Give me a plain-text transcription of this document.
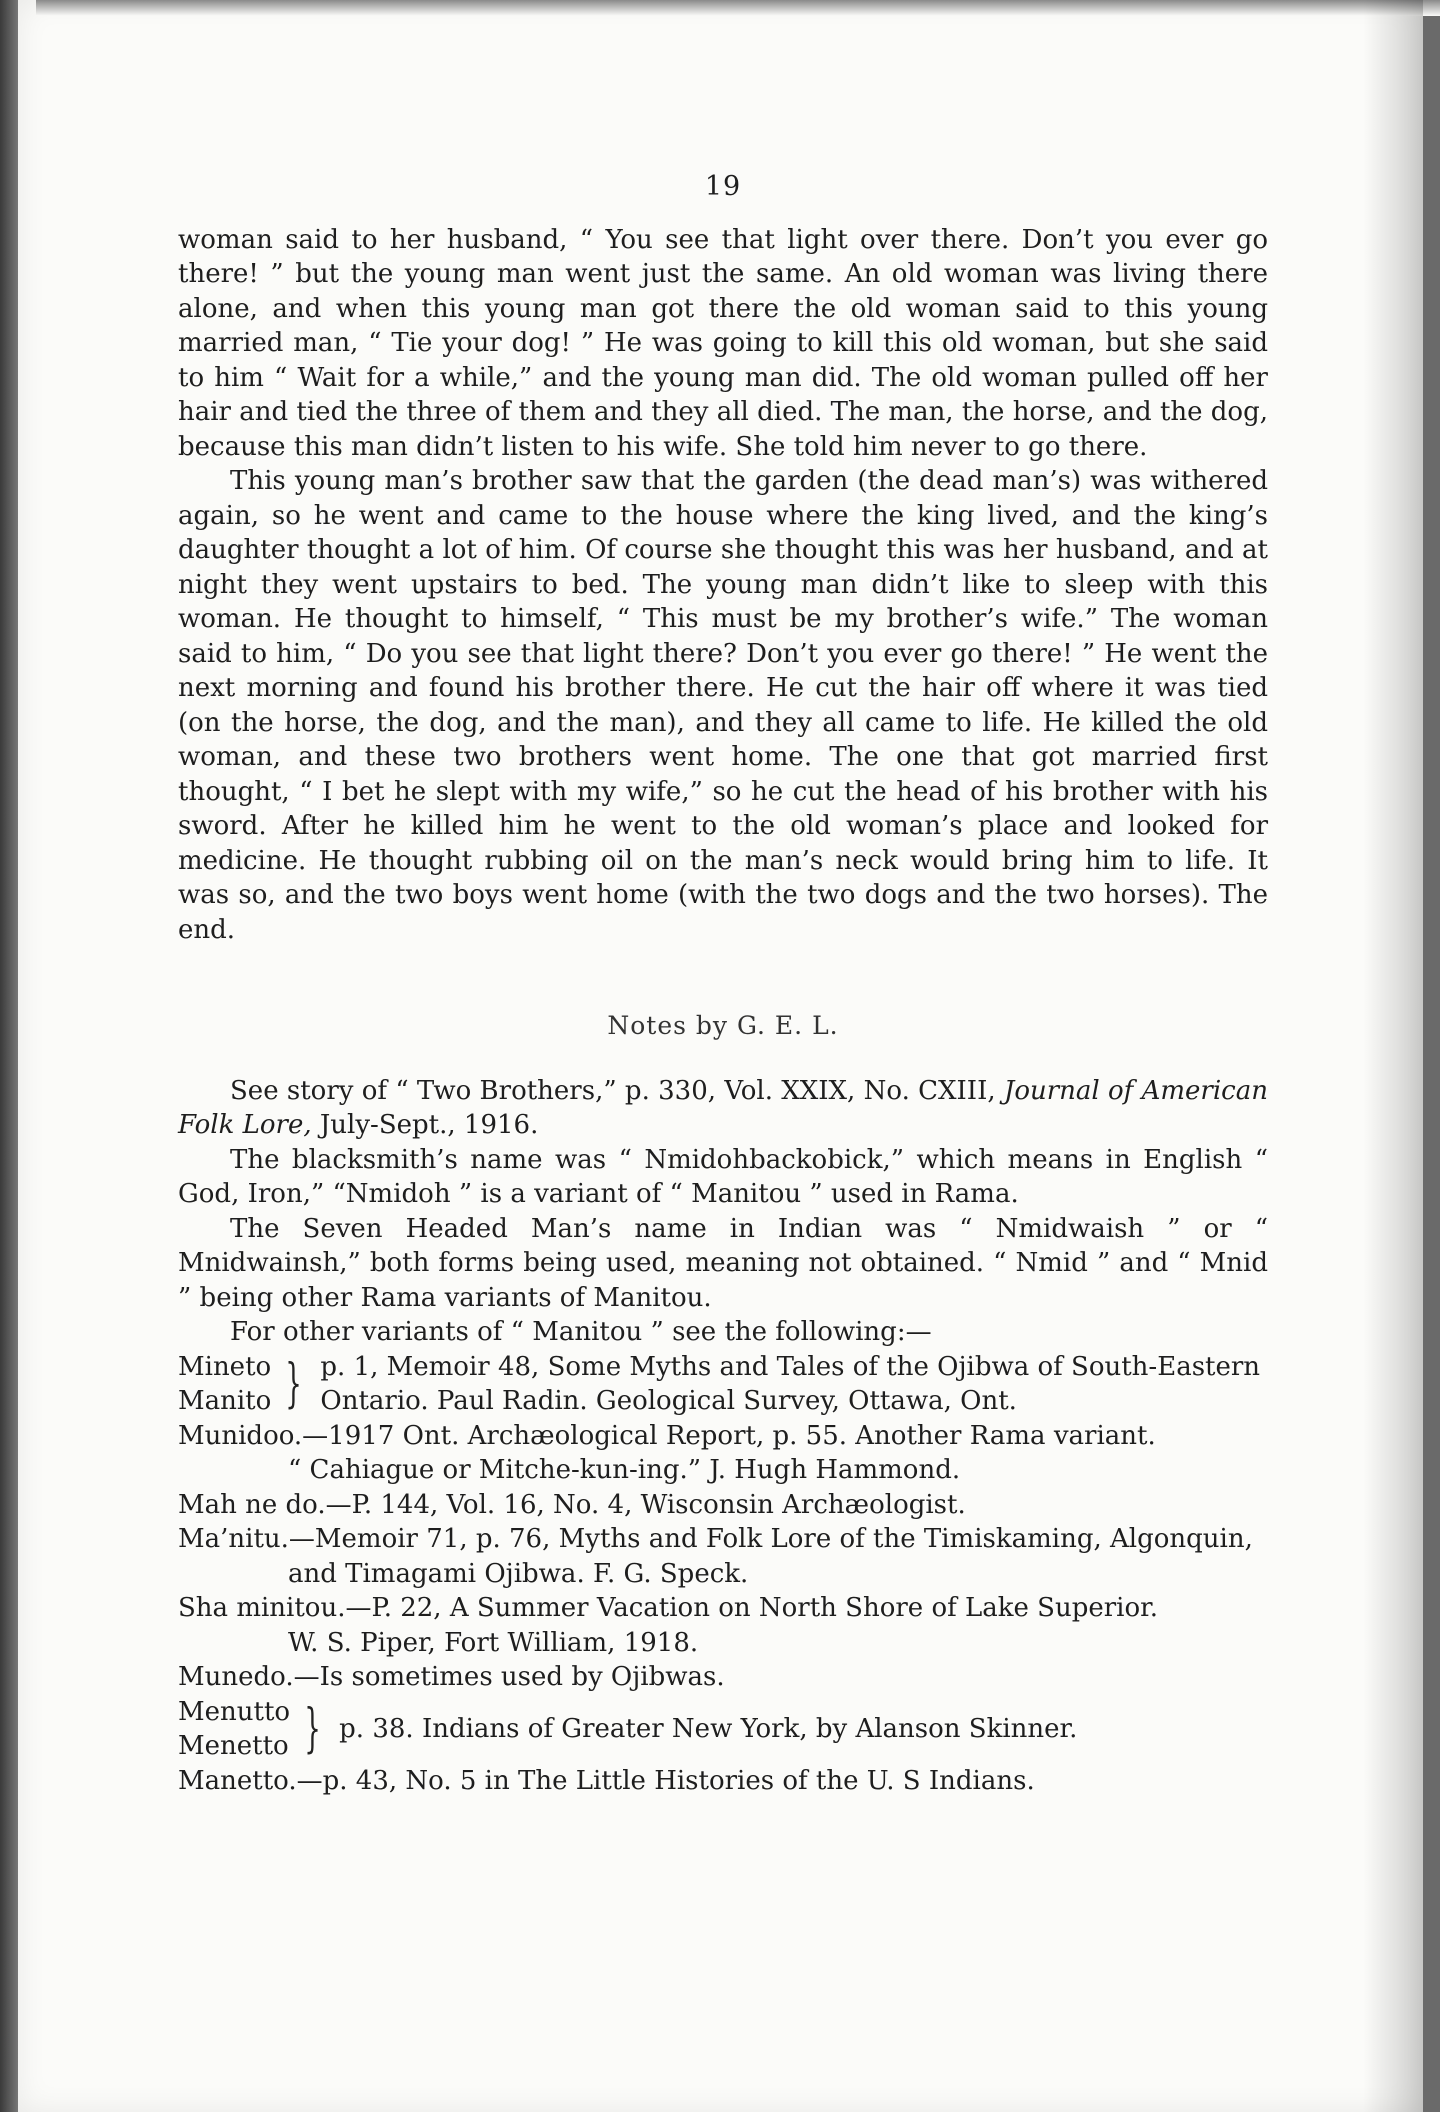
19

woman said to her husband, “ You see that light over there. Don’t you ever go there! ” but the young man went just the same. An old woman was living there alone, and when this young man got there the old woman said to this young married man, “ Tie your dog! ” He was going to kill this old woman, but she said to him “ Wait for a while,” and the young man did. The old woman pulled off her hair and tied the three of them and they all died. The man, the horse, and the dog, because this man didn’t listen to his wife. She told him never to go there.

This young man’s brother saw that the garden (the dead man’s) was withered again, so he went and came to the house where the king lived, and the king’s daughter thought a lot of him. Of course she thought this was her husband, and at night they went upstairs to bed. The young man didn’t like to sleep with this woman. He thought to himself, “ This must be my brother’s wife.” The woman said to him, “ Do you see that light there? Don’t you ever go there! ” He went the next morning and found his brother there. He cut the hair off where it was tied (on the horse, the dog, and the man), and they all came to life. He killed the old woman, and these two brothers went home. The one that got married first thought, “ I bet he slept with my wife,” so he cut the head of his brother with his sword. After he killed him he went to the old woman’s place and looked for medicine. He thought rubbing oil on the man’s neck would bring him to life. It was so, and the two boys went home (with the two dogs and the two horses). The end.

Notes by G. E. L.

See story of “ Two Brothers,” p. 330, Vol. XXIX, No. CXIII, Journal of American Folk Lore, July-Sept., 1916.

The blacksmith’s name was “ Nmidohbackobick,” which means in English “ God, Iron,” “Nmidoh ” is a variant of “ Manitou ” used in Rama.

The Seven Headed Man’s name in Indian was “ Nmidwaish ” or “ Mnidwainsh,” both forms being used, meaning not obtained. “ Nmid ” and “ Mnid ” being other Rama variants of Manitou.

For other variants of “ Manitou ” see the following:—

Mineto
Manito } p. 1, Memoir 48, Some Myths and Tales of the Ojibwa of South-Eastern Ontario. Paul Radin. Geological Survey, Ottawa, Ont.

Munidoo.—1917 Ont. Archæological Report, p. 55. Another Rama variant.

“ Cahiague or Mitche-kun-ing.” J. Hugh Hammond.

Mah ne do.—P. 144, Vol. 16, No. 4, Wisconsin Archæologist.

Ma’nitu.—Memoir 71, p. 76, Myths and Folk Lore of the Timiskaming, Algonquin, and Timagami Ojibwa. F. G. Speck.

Sha minitou.—P. 22, A Summer Vacation on North Shore of Lake Superior.

W. S. Piper, Fort William, 1918.

Munedo.—Is sometimes used by Ojibwas.

Menutto
Menetto } p. 38. Indians of Greater New York, by Alanson Skinner.

Manetto.—p. 43, No. 5 in The Little Histories of the U. S Indians.
